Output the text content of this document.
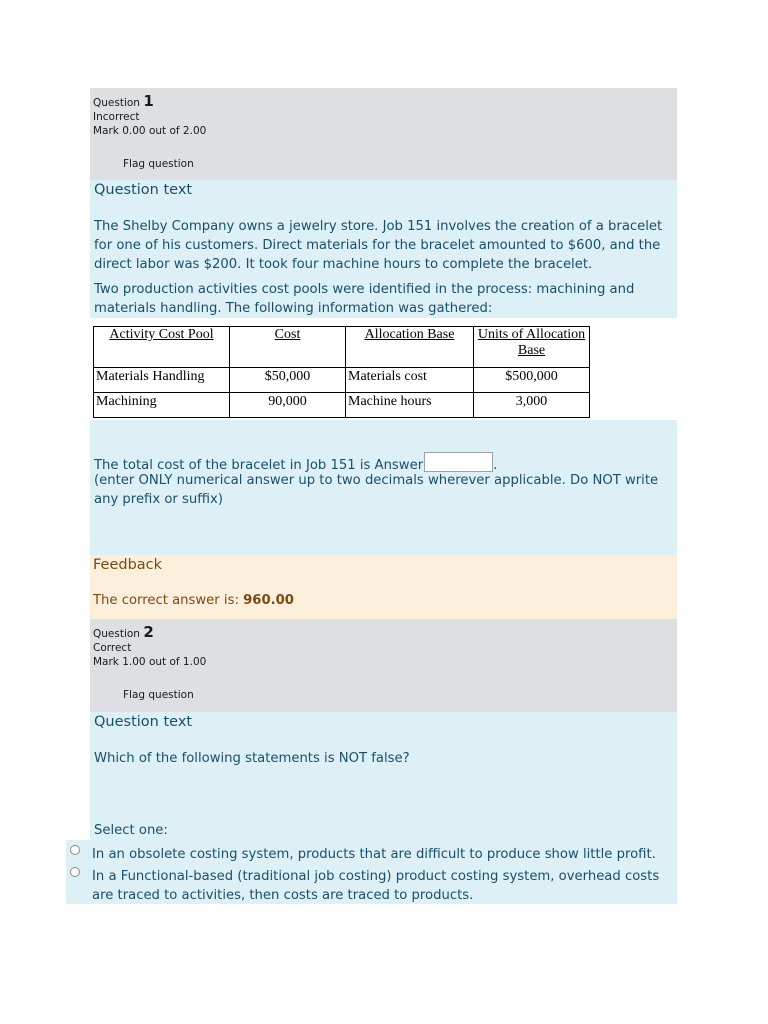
Question 1
Incorrect
Mark 0.00 out of 2.00
Flag question
Question text
The Shelby Company owns a jewelry store. Job 151 involves the creation of a bracelet for one of his customers. Direct materials for the bracelet amounted to $600, and the direct labor was $200. It took four machine hours to complete the bracelet.
Two production activities cost pools were identified in the process: machining and materials handling. The following information was gathered:
Activity Cost Pool	Cost	Allocation Base	Units of Allocation Base
Materials Handling	$50,000	Materials cost	$500,000
Machining	90,000	Machine hours	3,000
The total cost of the bracelet in Job 151 is Answer	.
(enter ONLY numerical answer up to two decimals wherever applicable. Do NOT write any prefix or suffix)
Feedback
The correct answer is: 960.00
Question 2
Correct
Mark 1.00 out of 1.00
Flag question
Question text
Which of the following statements is NOT false?
Select one:
In an obsolete costing system, products that are difficult to produce show little profit.
In a Functional-based (traditional job costing) product costing system, overhead costs are traced to activities, then costs are traced to products.
